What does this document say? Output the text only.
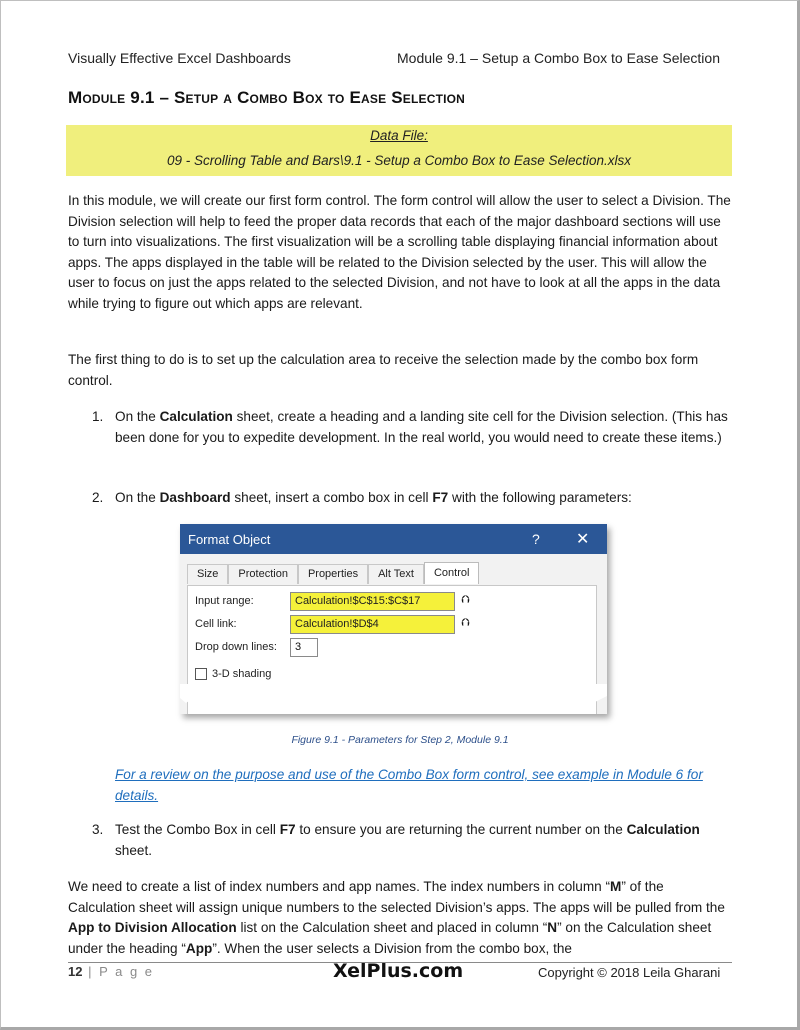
Visually Effective Excel Dashboards	Module 9.1 – Setup a Combo Box to Ease Selection
Module 9.1 – Setup a Combo Box to Ease Selection
Data File:
09 - Scrolling Table and Bars\9.1 - Setup a Combo Box to Ease Selection.xlsx
In this module, we will create our first form control. The form control will allow the user to select a Division. The Division selection will help to feed the proper data records that each of the major dashboard sections will use to turn into visualizations. The first visualization will be a scrolling table displaying financial information about apps. The apps displayed in the table will be related to the Division selected by the user. This will allow the user to focus on just the apps related to the selected Division, and not have to look at all the apps in the data while trying to figure out which apps are relevant.
The first thing to do is to set up the calculation area to receive the selection made by the combo box form control.
1. On the Calculation sheet, create a heading and a landing site cell for the Division selection. (This has been done for you to expedite development. In the real world, you would need to create these items.)
2. On the Dashboard sheet, insert a combo box in cell F7 with the following parameters:
Format Object	? ✕
Size	Protection	Properties	Alt Text	Control
Input range:	Calculation!$C$15:$C$17	⮉
Cell link:	Calculation!$D$4	⮉
Drop down lines:	3
3-D shading
Figure 9.1 - Parameters for Step 2, Module 9.1
For a review on the purpose and use of the Combo Box form control, see example in Module 6 for details.
3. Test the Combo Box in cell F7 to ensure you are returning the current number on the Calculation sheet.
We need to create a list of index numbers and app names. The index numbers in column “M” of the Calculation sheet will assign unique numbers to the selected Division’s apps. The apps will be pulled from the App to Division Allocation list on the Calculation sheet and placed in column “N” on the Calculation sheet under the heading “App”. When the user selects a Division from the combo box, the
12 | P a g e	XelPlus.com	Copyright © 2018 Leila Gharani
